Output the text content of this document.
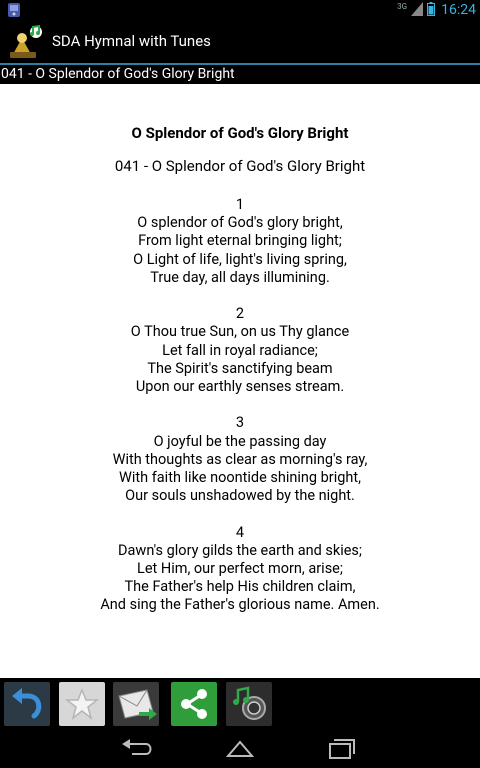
3G 16:24
SDA Hymnal with Tunes
041 - O Splendor of God's Glory Bright
O Splendor of God's Glory Bright
041 - O Splendor of God's Glory Bright
1
O splendor of God's glory bright,
From light eternal bringing light;
O Light of life, light's living spring,
True day, all days illumining.
2
O Thou true Sun, on us Thy glance
Let fall in royal radiance;
The Spirit's sanctifying beam
Upon our earthly senses stream.
3
O joyful be the passing day
With thoughts as clear as morning's ray,
With faith like noontide shining bright,
Our souls unshadowed by the night.
4
Dawn's glory gilds the earth and skies;
Let Him, our perfect morn, arise;
The Father's help His children claim,
And sing the Father's glorious name. Amen.
